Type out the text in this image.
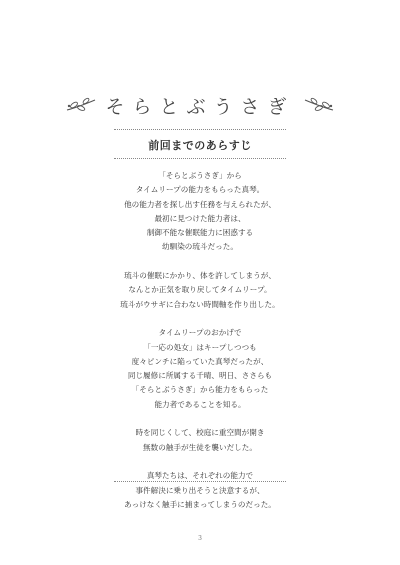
そらとぶうさぎ
前回までのあらすじ
「そらとぶうさぎ」から
タイムリープの能力をもらった真琴。
他の能力者を探し出す任務を与えられたが、
最初に見つけた能力者は、
制御不能な催眠能力に困惑する
幼馴染の琉斗だった。
琉斗の催眠にかかり、体を許してしまうが、
なんとか正気を取り戻してタイムリープ。
琉斗がウサギに合わない時間軸を作り出した。
タイムリープのおかげで
「一応の処女」はキープしつつも
度々ピンチに陥っていた真琴だったが、
同じ履修に所属する千晴、明日、ささらも
「そらとぶうさぎ」から能力をもらった
能力者であることを知る。
時を同じくして、校庭に重空間が開き
無数の触手が生徒を襲いだした。
真琴たちは、それぞれの能力で
事件解決に乗り出そうと決意するが、
あっけなく触手に捕まってしまうのだった。
3
